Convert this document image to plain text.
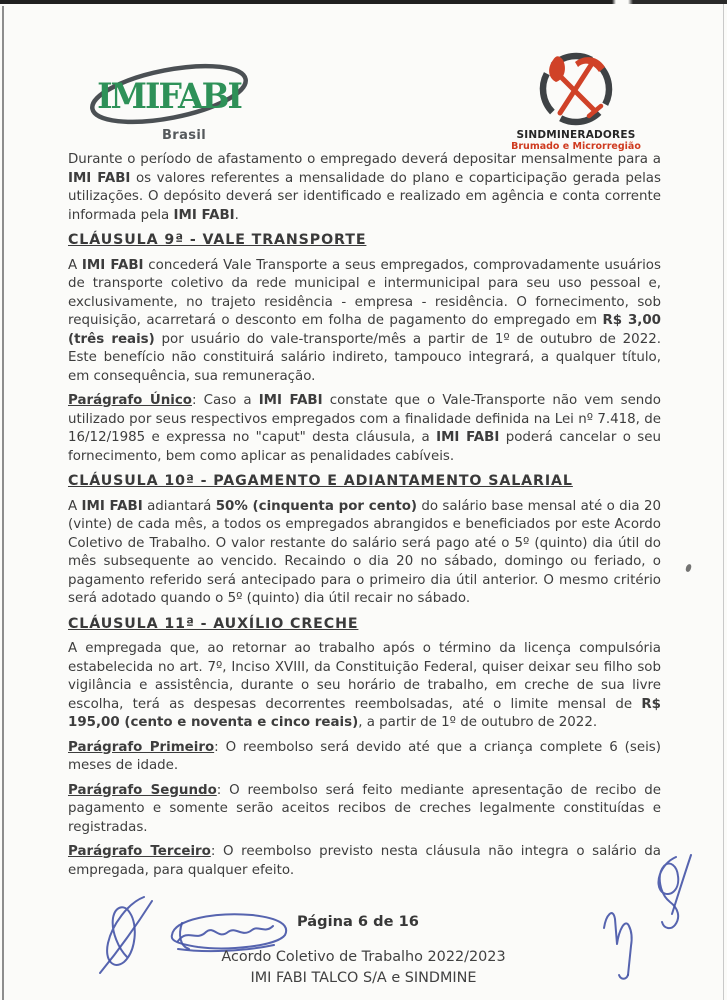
IMIFABI
Brasil	SINDMINERADORES
Brumado e Microrregião

Durante o período de afastamento o empregado deverá depositar mensalmente para a IMI FABI os valores referentes a mensalidade do plano e coparticipação gerada pelas utilizações. O depósito deverá ser identificado e realizado em agência e conta corrente informada pela IMI FABI.

CLÁUSULA 9ª - VALE TRANSPORTE

A IMI FABI concederá Vale Transporte a seus empregados, comprovadamente usuários de transporte coletivo da rede municipal e intermunicipal para seu uso pessoal e, exclusivamente, no trajeto residência - empresa - residência. O fornecimento, sob requisição, acarretará o desconto em folha de pagamento do empregado em R$ 3,00 (três reais) por usuário do vale-transporte/mês a partir de 1º de outubro de 2022. Este benefício não constituirá salário indireto, tampouco integrará, a qualquer título, em consequência, sua remuneração.

Parágrafo Único: Caso a IMI FABI constate que o Vale-Transporte não vem sendo utilizado por seus respectivos empregados com a finalidade definida na Lei nº 7.418, de 16/12/1985 e expressa no "caput" desta cláusula, a IMI FABI poderá cancelar o seu fornecimento, bem como aplicar as penalidades cabíveis.

CLÁUSULA 10ª - PAGAMENTO E ADIANTAMENTO SALARIAL

A IMI FABI adiantará 50% (cinquenta por cento) do salário base mensal até o dia 20 (vinte) de cada mês, a todos os empregados abrangidos e beneficiados por este Acordo Coletivo de Trabalho. O valor restante do salário será pago até o 5º (quinto) dia útil do mês subsequente ao vencido. Recaindo o dia 20 no sábado, domingo ou feriado, o pagamento referido será antecipado para o primeiro dia útil anterior. O mesmo critério será adotado quando o 5º (quinto) dia útil recair no sábado.

CLÁUSULA 11ª - AUXÍLIO CRECHE

A empregada que, ao retornar ao trabalho após o término da licença compulsória estabelecida no art. 7º, Inciso XVIII, da Constituição Federal, quiser deixar seu filho sob vigilância e assistência, durante o seu horário de trabalho, em creche de sua livre escolha, terá as despesas decorrentes reembolsadas, até o limite mensal de R$ 195,00 (cento e noventa e cinco reais), a partir de 1º de outubro de 2022.

Parágrafo Primeiro: O reembolso será devido até que a criança complete 6 (seis) meses de idade.

Parágrafo Segundo: O reembolso será feito mediante apresentação de recibo de pagamento e somente serão aceitos recibos de creches legalmente constituídas e registradas.

Parágrafo Terceiro: O reembolso previsto nesta cláusula não integra o salário da empregada, para qualquer efeito.

Página 6 de 16
Acordo Coletivo de Trabalho 2022/2023
IMI FABI TALCO S/A e SINDMINE
